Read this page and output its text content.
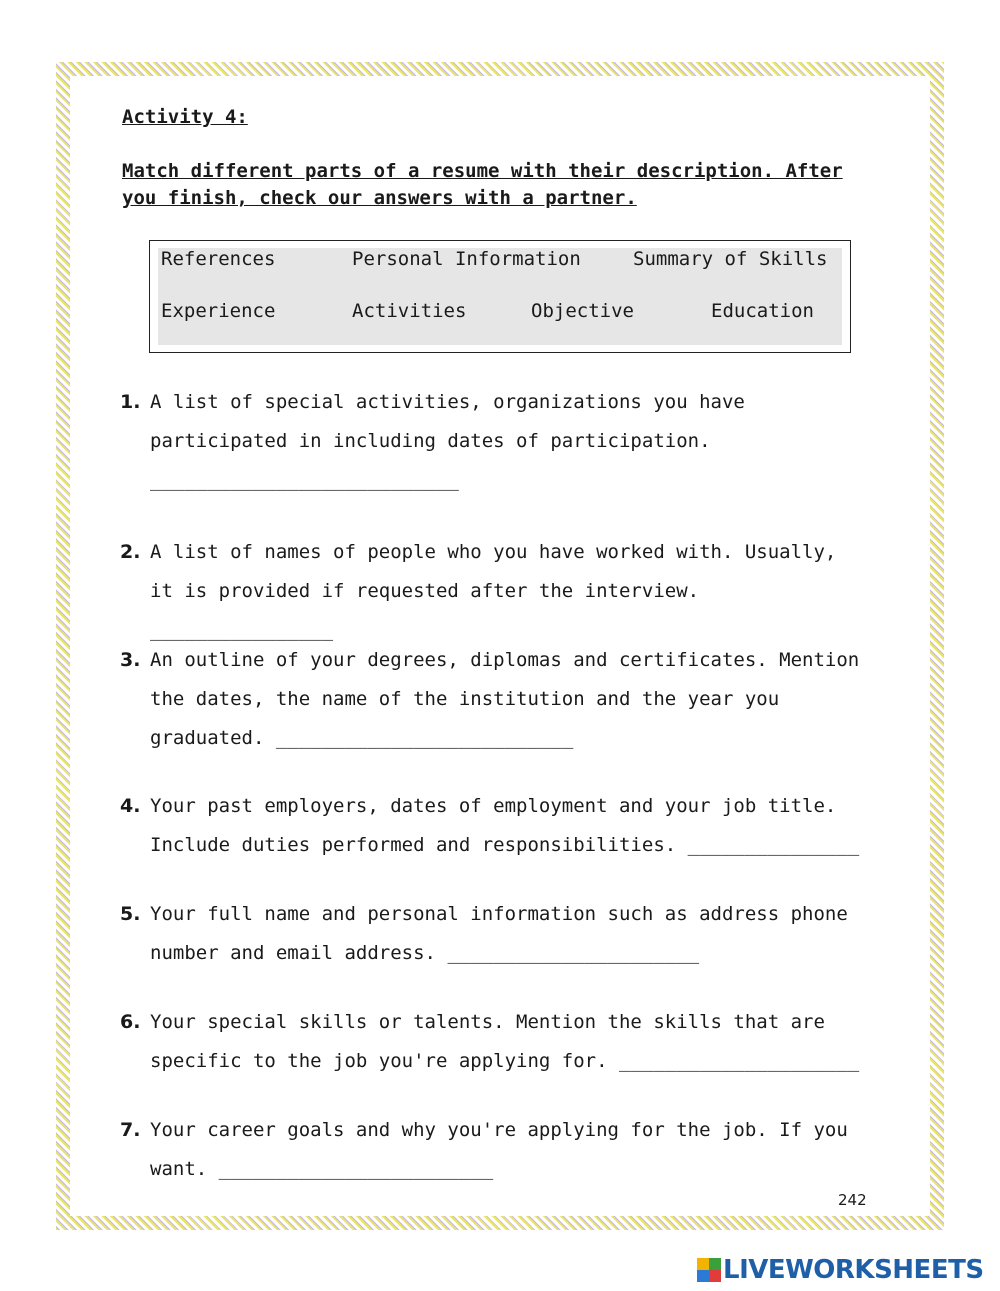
Activity 4:
Match different parts of a resume with their description. After you finish, check our answers with a partner.
References	Personal Information	Summary of Skills
Experience	Activities	Objective	Education
1. A list of special activities, organizations you have participated in including dates of participation.
___________________________
2. A list of names of people who you have worked with. Usually, it is provided if requested after the interview. ________________
3. An outline of your degrees, diplomas and certificates. Mention the dates, the name of the institution and the year you graduated. __________________________
4. Your past employers, dates of employment and your job title. Include duties performed and responsibilities. _______________
5. Your full name and personal information such as address phone number and email address. ______________________
6. Your special skills or talents. Mention the skills that are specific to the job you're applying for. _____________________
7. Your career goals and why you're applying for the job. If you want. ________________________
242
LIVEWORKSHEETS
